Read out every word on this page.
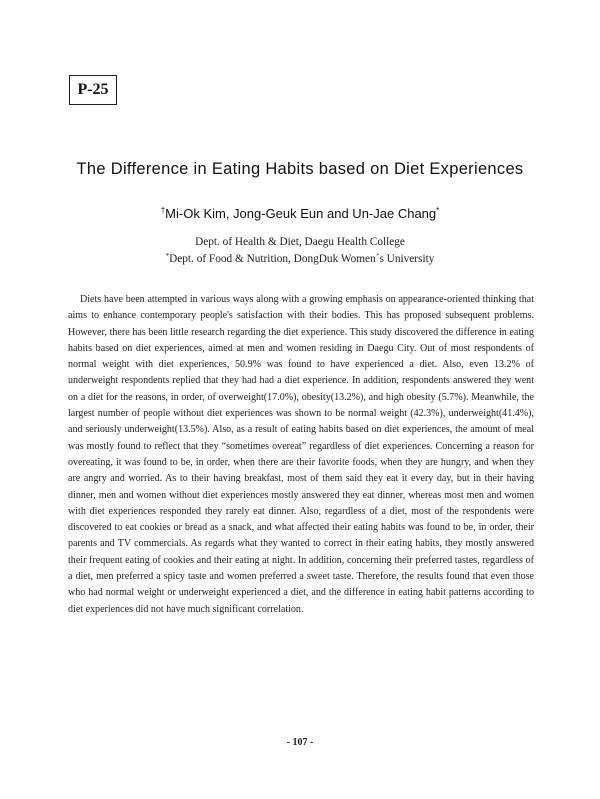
P-25
The Difference in Eating Habits based on Diet Experiences
†Mi-Ok Kim, Jong-Geuk Eun and Un-Jae Chang*
Dept. of Health & Diet, Daegu Health College
*Dept. of Food & Nutrition, DongDuk Women´s University

Diets have been attempted in various ways along with a growing emphasis on appearance-oriented thinking that aims to enhance contemporary people's satisfaction with their bodies. This has proposed subsequent problems. However, there has been little research regarding the diet experience. This study discovered the difference in eating habits based on diet experiences, aimed at men and women residing in Daegu City. Out of most respondents of normal weight with diet experiences, 50.9% was found to have experienced a diet. Also, even 13.2% of underweight respondents replied that they had had a diet experience. In addition, respondents answered they went on a diet for the reasons, in order, of overweight(17.0%), obesity(13.2%), and high obesity (5.7%). Meanwhile, the largest number of people without diet experiences was shown to be normal weight (42.3%), underweight(41.4%), and seriously underweight(13.5%). Also, as a result of eating habits based on diet experiences, the amount of meal was mostly found to reflect that they “sometimes overeat” regardless of diet experiences. Concerning a reason for overeating, it was found to be, in order, when there are their favorite foods, when they are hungry, and when they are angry and worried. As to their having breakfast, most of them said they eat it every day, but in their having dinner, men and women without diet experiences mostly answered they eat dinner, whereas most men and women with diet experiences responded they rarely eat dinner. Also, regardless of a diet, most of the respondents were discovered to eat cookies or bread as a snack, and what affected their eating habits was found to be, in order, their parents and TV commercials. As regards what they wanted to correct in their eating habits, they mostly answered their frequent eating of cookies and their eating at night. In addition, concerning their preferred tastes, regardless of a diet, men preferred a spicy taste and women preferred a sweet taste. Therefore, the results found that even those who had normal weight or underweight experienced a diet, and the difference in eating habit patterns according to diet experiences did not have much significant correlation.

- 107 -
